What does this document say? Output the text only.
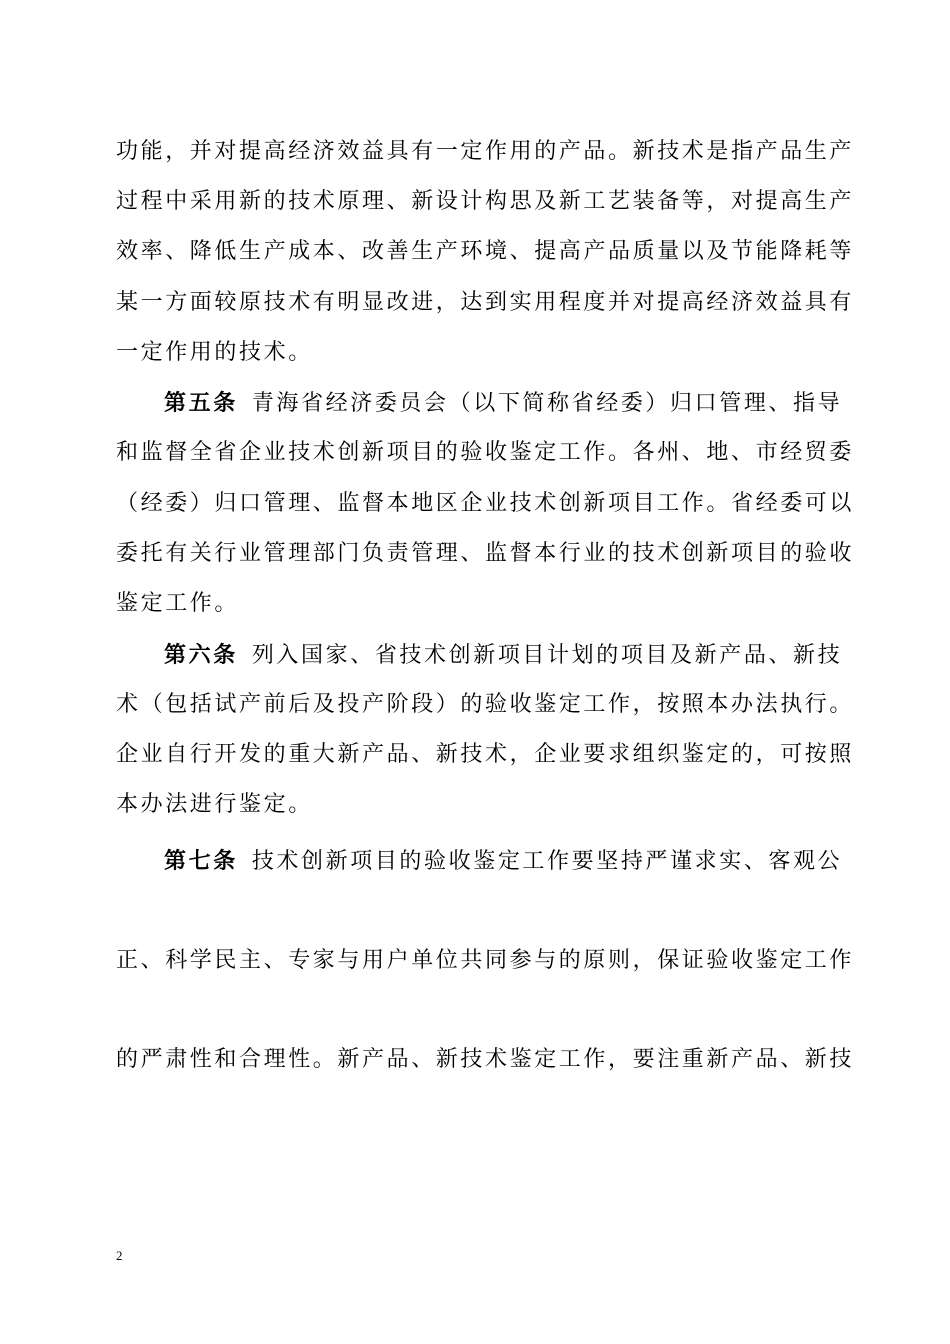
功能，并对提高经济效益具有一定作用的产品。新技术是指产品生产
过程中采用新的技术原理、新设计构思及新工艺装备等，对提高生产
效率、降低生产成本、改善生产环境、提高产品质量以及节能降耗等
某一方面较原技术有明显改进，达到实用程度并对提高经济效益具有
一定作用的技术。
第五条 青海省经济委员会（以下简称省经委）归口管理、指导
和监督全省企业技术创新项目的验收鉴定工作。各州、地、市经贸委
（经委）归口管理、监督本地区企业技术创新项目工作。省经委可以
委托有关行业管理部门负责管理、监督本行业的技术创新项目的验收
鉴定工作。
第六条 列入国家、省技术创新项目计划的项目及新产品、新技
术（包括试产前后及投产阶段）的验收鉴定工作，按照本办法执行。
企业自行开发的重大新产品、新技术，企业要求组织鉴定的，可按照
本办法进行鉴定。
第七条 技术创新项目的验收鉴定工作要坚持严谨求实、客观公
正、科学民主、专家与用户单位共同参与的原则，保证验收鉴定工作
的严肃性和合理性。新产品、新技术鉴定工作，要注重新产品、新技
2
